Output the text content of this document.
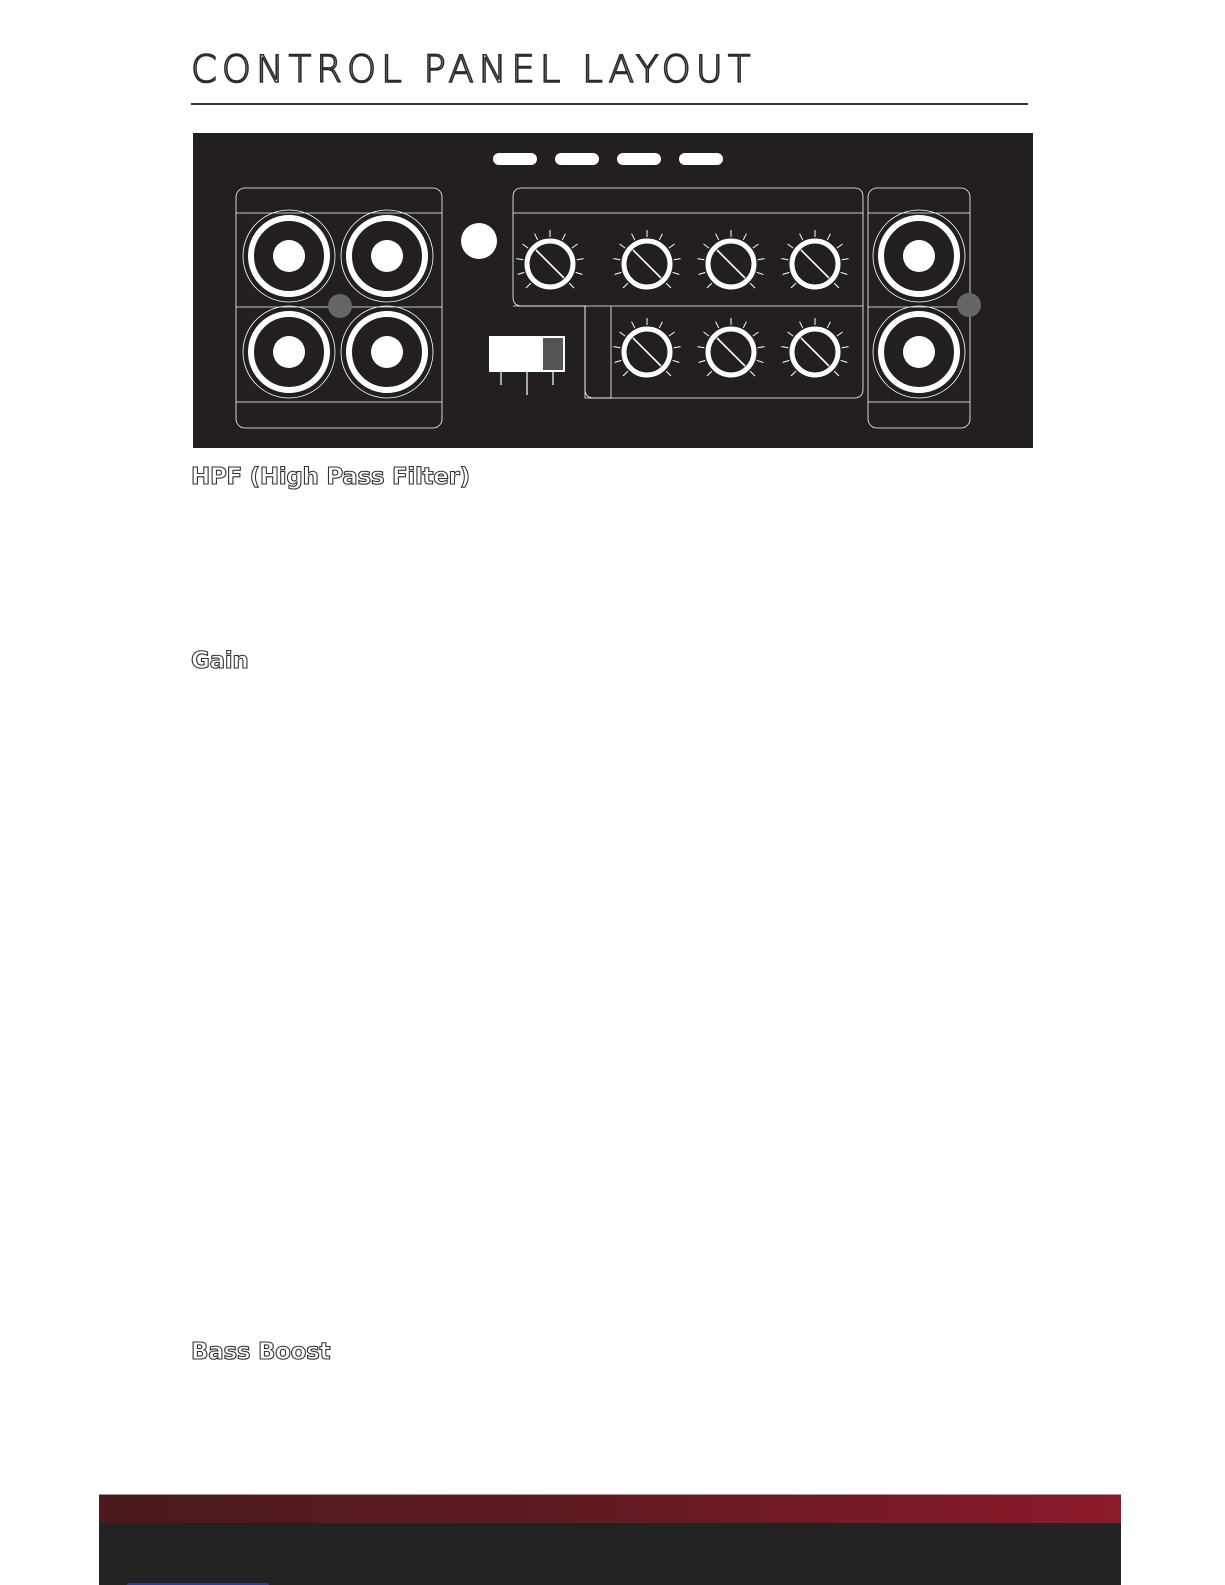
CONTROL PANEL LAYOUT
HPF (High Pass Filter)
Gain
Bass Boost
